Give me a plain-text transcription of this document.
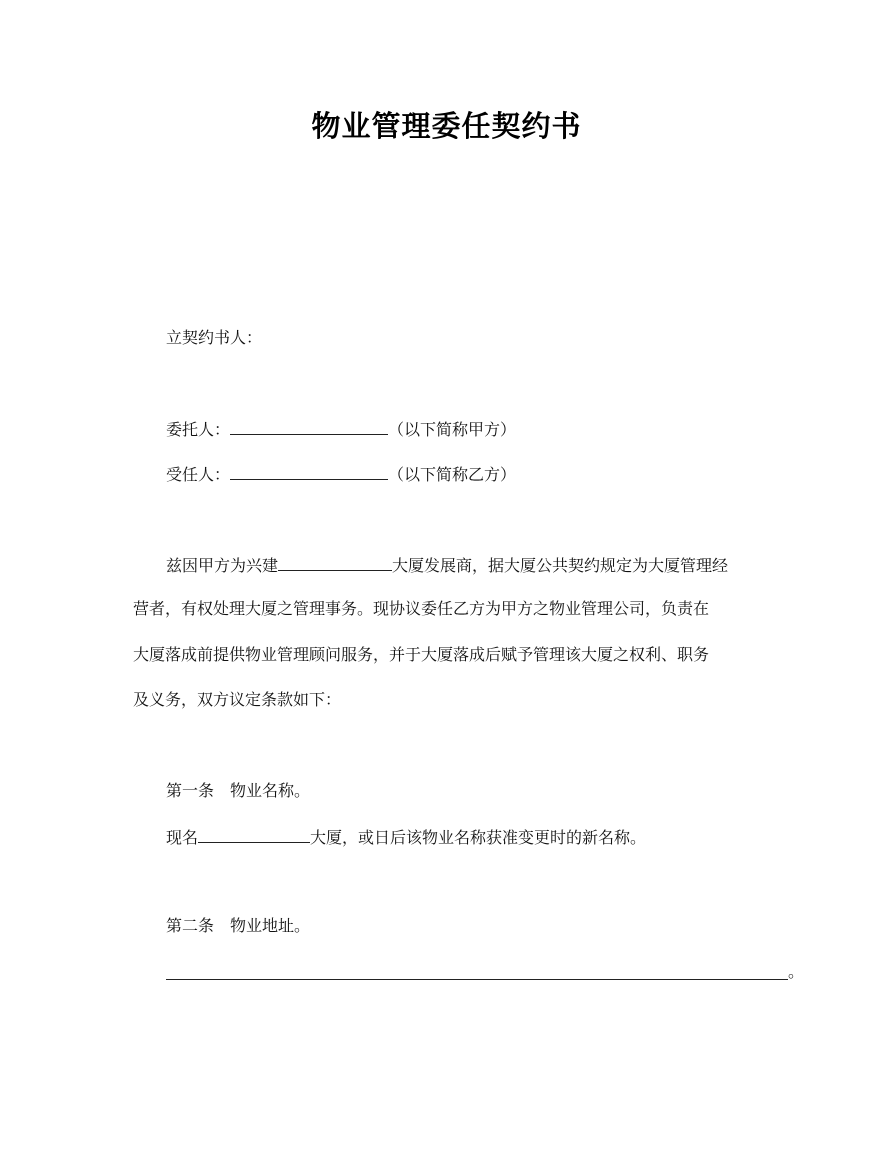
物业管理委任契约书
立契约书人：
委托人：	（以下简称甲方）
受任人：	（以下简称乙方）
兹因甲方为兴建	大厦发展商，据大厦公共契约规定为大厦管理经
营者，有权处理大厦之管理事务。现协议委任乙方为甲方之物业管理公司，负责在
大厦落成前提供物业管理顾问服务，并于大厦落成后赋予管理该大厦之权利、职务
及义务，双方议定条款如下：
第一条　物业名称。
现名	大厦，或日后该物业名称获准变更时的新名称。
第二条　物业地址。
。
